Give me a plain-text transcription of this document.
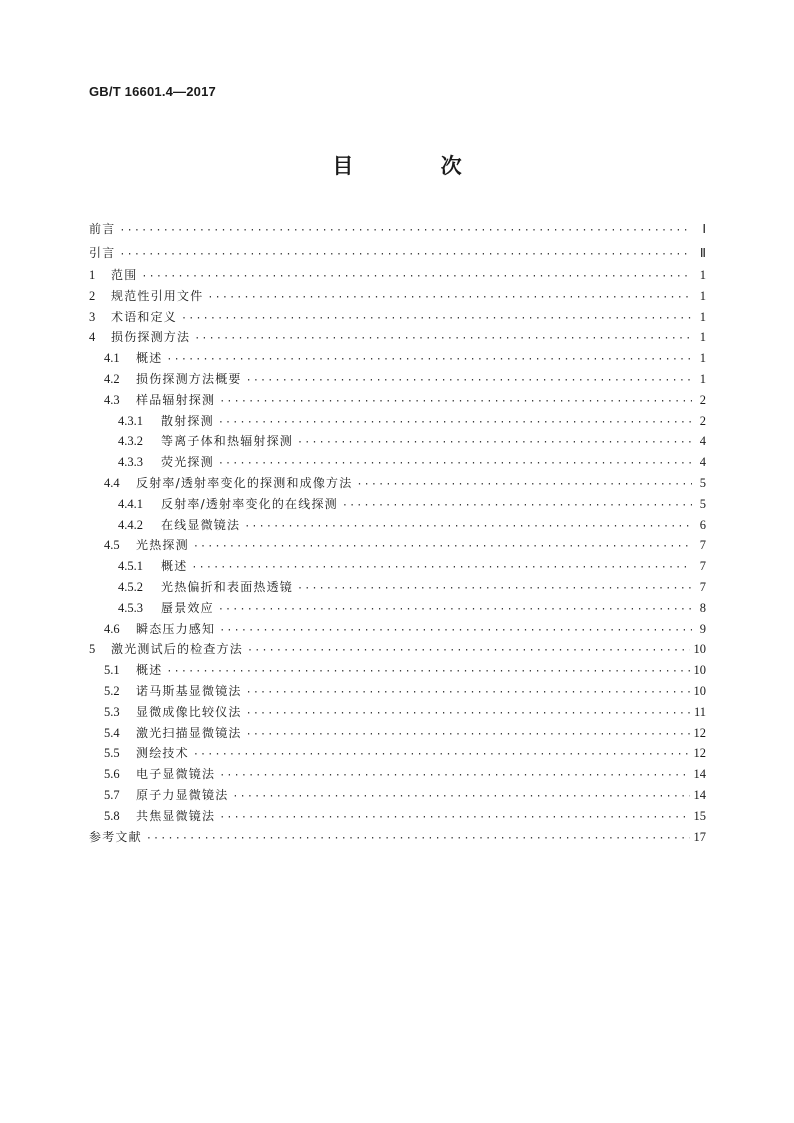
GB/T 16601.4—2017
目 次
前言 ·····	Ⅰ
引言 ·····	Ⅱ
1	范围 ·····	1
2	规范性引用文件 ·····	1
3	术语和定义 ·····	1
4	损伤探测方法 ·····	1
4.1	概述 ·····	1
4.2	损伤探测方法概要 ·····	1
4.3	样品辐射探测 ·····	2
4.3.1	散射探测 ·····	2
4.3.2	等离子体和热辐射探测 ·····	4
4.3.3	荧光探测 ·····	4
4.4	反射率/透射率变化的探测和成像方法 ·····	5
4.4.1	反射率/透射率变化的在线探测 ·····	5
4.4.2	在线显微镜法 ·····	6
4.5	光热探测 ·····	7
4.5.1	概述 ·····	7
4.5.2	光热偏折和表面热透镜 ·····	7
4.5.3	蜃景效应 ·····	8
4.6	瞬态压力感知 ·····	9
5	激光测试后的检查方法 ·····	10
5.1	概述 ·····	10
5.2	诺马斯基显微镜法 ·····	10
5.3	显微成像比较仪法 ·····	11
5.4	激光扫描显微镜法 ·····	12
5.5	测绘技术 ·····	12
5.6	电子显微镜法 ·····	14
5.7	原子力显微镜法 ·····	14
5.8	共焦显微镜法 ·····	15
参考文献 ·····	17
